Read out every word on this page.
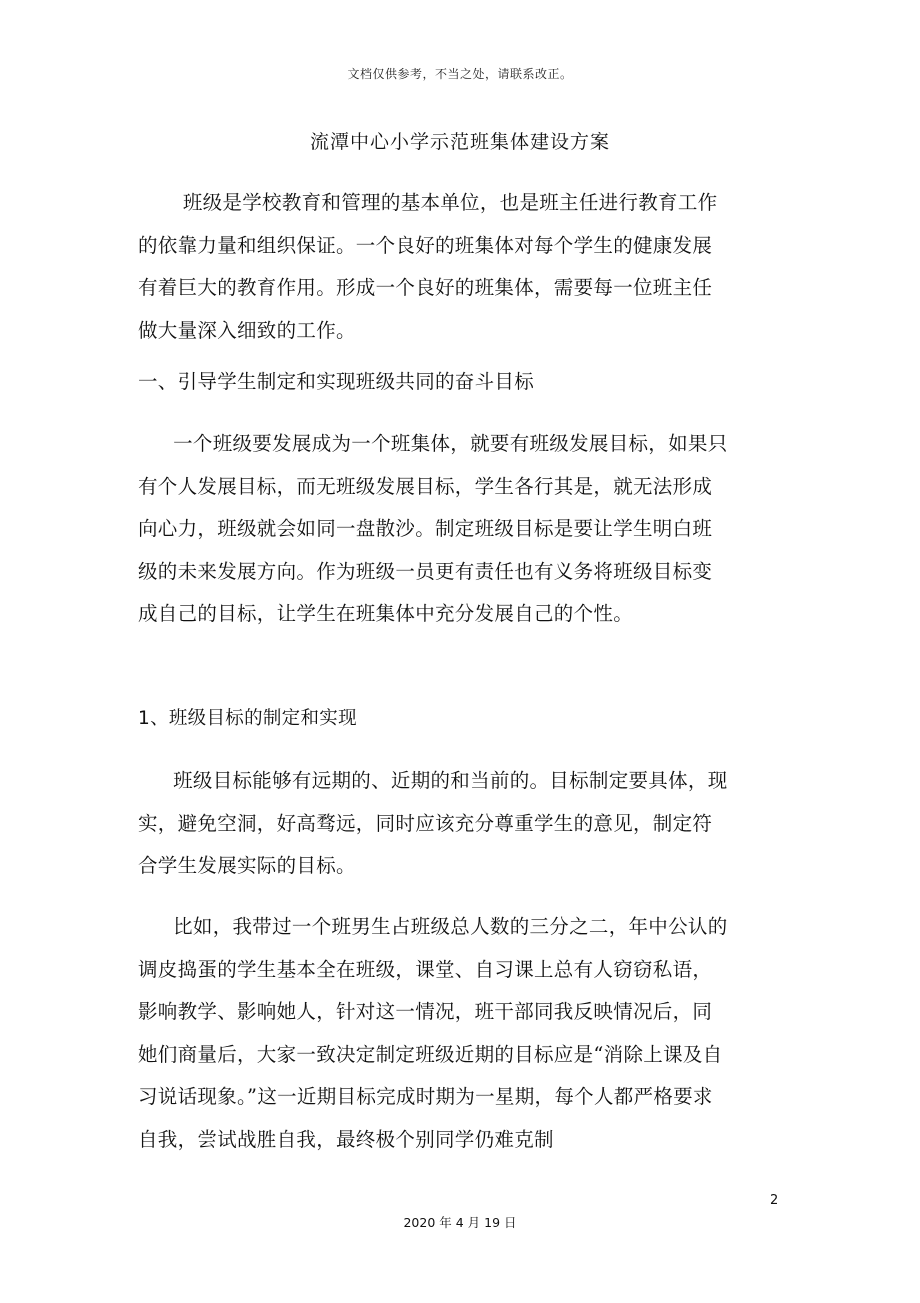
文档仅供参考，不当之处，请联系改正。
流潭中心小学示范班集体建设方案

班级是学校教育和管理的基本单位，也是班主任进行教育工作的依靠力量和组织保证。一个良好的班集体对每个学生的健康发展有着巨大的教育作用。形成一个良好的班集体，需要每一位班主任做大量深入细致的工作。

一、引导学生制定和实现班级共同的奋斗目标

一个班级要发展成为一个班集体，就要有班级发展目标，如果只有个人发展目标，而无班级发展目标，学生各行其是，就无法形成向心力，班级就会如同一盘散沙。制定班级目标是要让学生明白班级的未来发展方向。作为班级一员更有责任也有义务将班级目标变成自己的目标，让学生在班集体中充分发展自己的个性。

1、班级目标的制定和实现

班级目标能够有远期的、近期的和当前的。目标制定要具体，现实，避免空洞，好高骛远，同时应该充分尊重学生的意见，制定符合学生发展实际的目标。

比如，我带过一个班男生占班级总人数的三分之二，年中公认的调皮捣蛋的学生基本全在班级，课堂、自习课上总有人窃窃私语，影响教学、影响她人，针对这一情况，班干部同我反映情况后，同她们商量后，大家一致决定制定班级近期的目标应是“消除上课及自习说话现象。”这一近期目标完成时期为一星期，每个人都严格要求自我，尝试战胜自我，最终极个别同学仍难克制

2
2020 年 4 月 19 日
